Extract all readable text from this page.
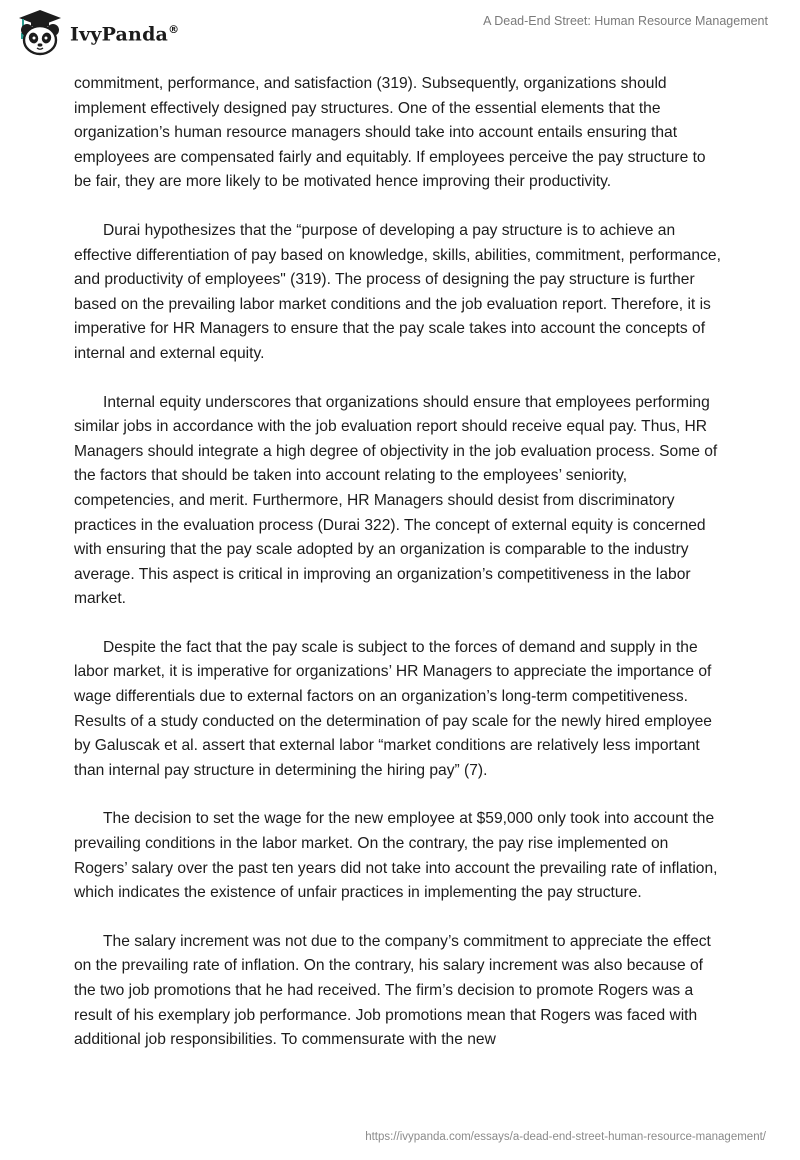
IvyPanda®
A Dead-End Street: Human Resource Management

commitment, performance, and satisfaction (319). Subsequently, organizations should implement effectively designed pay structures. One of the essential elements that the organization’s human resource managers should take into account entails ensuring that employees are compensated fairly and equitably. If employees perceive the pay structure to be fair, they are more likely to be motivated hence improving their productivity.

Durai hypothesizes that the “purpose of developing a pay structure is to achieve an effective differentiation of pay based on knowledge, skills, abilities, commitment, performance, and productivity of employees" (319). The process of designing the pay structure is further based on the prevailing labor market conditions and the job evaluation report. Therefore, it is imperative for HR Managers to ensure that the pay scale takes into account the concepts of internal and external equity.

Internal equity underscores that organizations should ensure that employees performing similar jobs in accordance with the job evaluation report should receive equal pay. Thus, HR Managers should integrate a high degree of objectivity in the job evaluation process. Some of the factors that should be taken into account relating to the employees’ seniority, competencies, and merit. Furthermore, HR Managers should desist from discriminatory practices in the evaluation process (Durai 322). The concept of external equity is concerned with ensuring that the pay scale adopted by an organization is comparable to the industry average. This aspect is critical in improving an organization’s competitiveness in the labor market.

Despite the fact that the pay scale is subject to the forces of demand and supply in the labor market, it is imperative for organizations’ HR Managers to appreciate the importance of wage differentials due to external factors on an organization’s long-term competitiveness. Results of a study conducted on the determination of pay scale for the newly hired employee by Galuscak et al. assert that external labor “market conditions are relatively less important than internal pay structure in determining the hiring pay” (7).

The decision to set the wage for the new employee at $59,000 only took into account the prevailing conditions in the labor market. On the contrary, the pay rise implemented on Rogers’ salary over the past ten years did not take into account the prevailing rate of inflation, which indicates the existence of unfair practices in implementing the pay structure.

The salary increment was not due to the company’s commitment to appreciate the effect on the prevailing rate of inflation. On the contrary, his salary increment was also because of the two job promotions that he had received. The firm’s decision to promote Rogers was a result of his exemplary job performance. Job promotions mean that Rogers was faced with additional job responsibilities. To commensurate with the new

https://ivypanda.com/essays/a-dead-end-street-human-resource-management/
